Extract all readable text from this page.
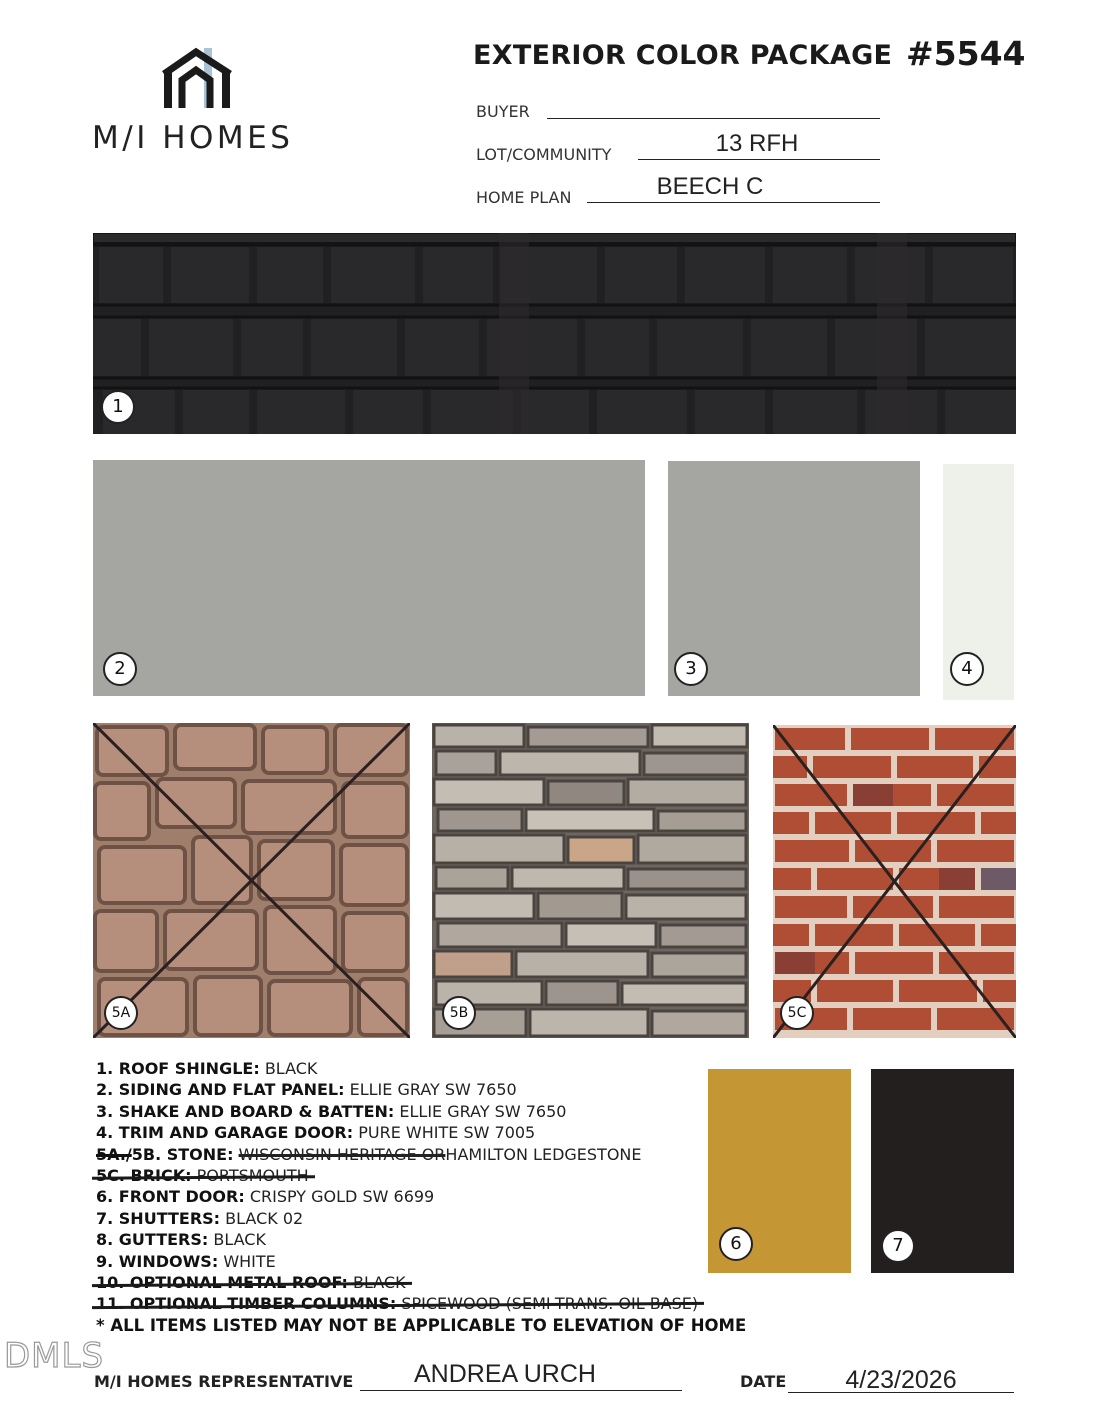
M/I HOMES
EXTERIOR COLOR PACKAGE #5544
BUYER
LOT/COMMUNITY	13 RFH
HOME PLAN	BEECH C
1
2	3	4
5A	5B	5C
6	7
1. ROOF SHINGLE: BLACK
2. SIDING AND FLAT PANEL: ELLIE GRAY SW 7650
3. SHAKE AND BOARD & BATTEN: ELLIE GRAY SW 7650
4. TRIM AND GARAGE DOOR: PURE WHITE SW 7005
5A./5B. STONE: WISCONSIN HERITAGE ORHAMILTON LEDGESTONE
5C. BRICK: PORTSMOUTH
6. FRONT DOOR: CRISPY GOLD SW 6699
7. SHUTTERS: BLACK 02
8. GUTTERS: BLACK
9. WINDOWS: WHITE
10. OPTIONAL METAL ROOF: BLACK
11. OPTIONAL TIMBER COLUMNS: SPICEWOOD (SEMI-TRANS. OIL BASE)
* ALL ITEMS LISTED MAY NOT BE APPLICABLE TO ELEVATION OF HOME
DMLS
M/I HOMES REPRESENTATIVE	ANDREA URCH	DATE	4/23/2026
